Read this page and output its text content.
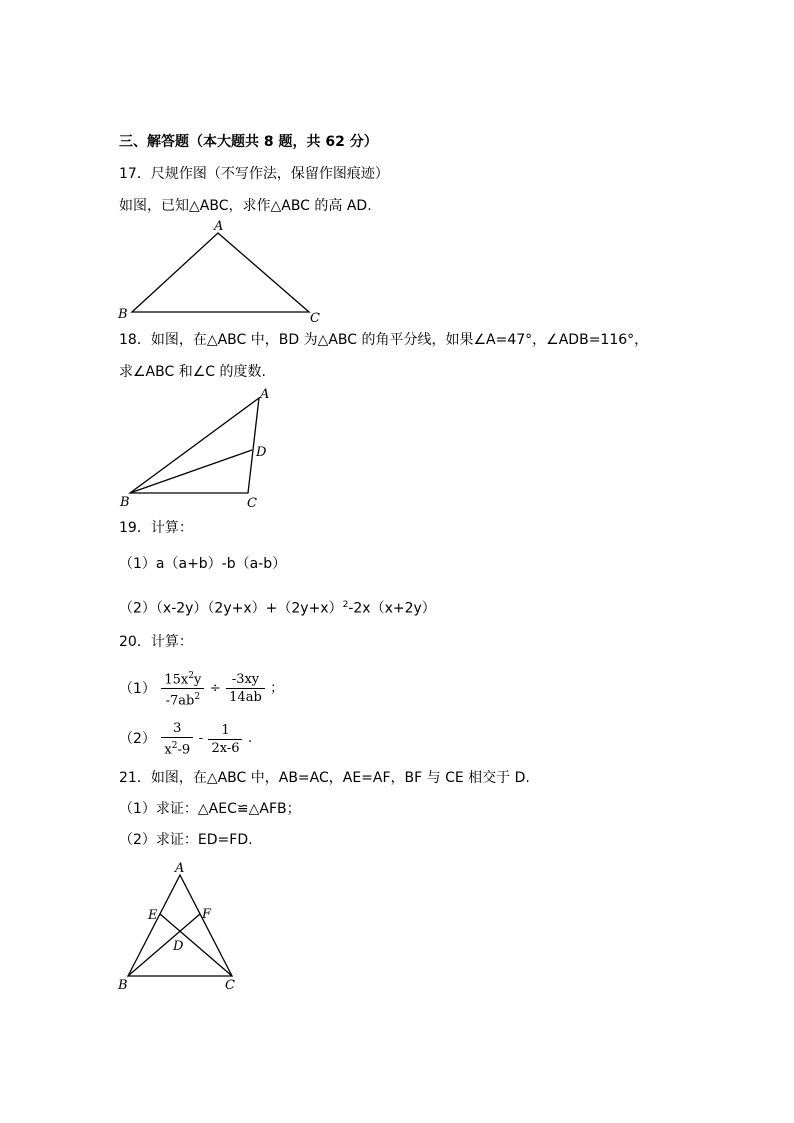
三、解答题（本大题共 8 题，共 62 分）
17．尺规作图（不写作法，保留作图痕迹）
如图，已知△ABC，求作△ABC 的高 AD.
A
B	C
18．如图，在△ABC 中，BD 为△ABC 的角平分线，如果∠A=47°，∠ADB=116°，
求∠ABC 和∠C 的度数.
A
B	C
D
19．计算：
（1）a（a+b）-b（a-b）
$(2)(x-2y)(2y+x)+(2y+x)^2-2x(x+2y)$
20．计算：
$(1) \frac{15x^2y}{-7ab^2} \div \frac{-3xy}{14ab}$ ；
$(2) \frac{3}{x^2-9} - \frac{1}{2x-6}$ .
21．如图，在△ABC 中，AB=AC，AE=AF，BF 与 CE 相交于 D.
（1）求证：△AEC≌△AFB；
（2）求证：ED=FD.
A
B	C
D
E	F
